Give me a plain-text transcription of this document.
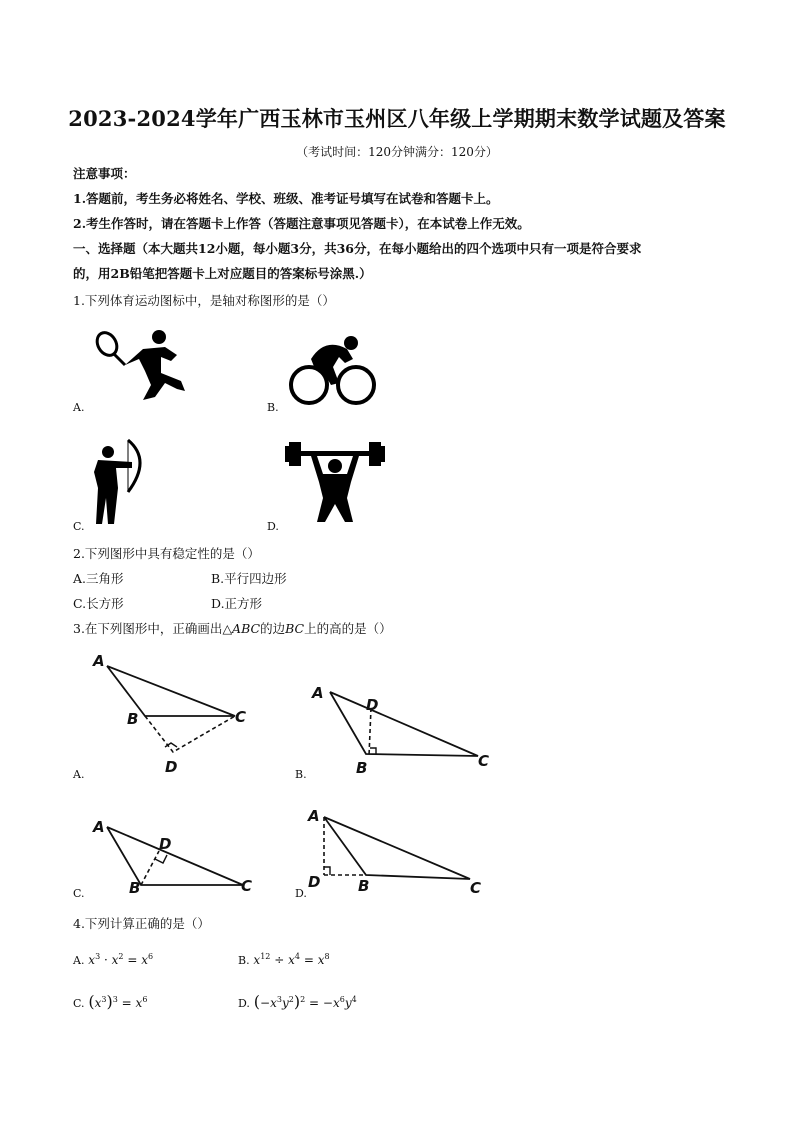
2023-2024学年广西玉林市玉州区八年级上学期期末数学试题及答案
（考试时间：120分钟满分：120分）
注意事项：
1.答题前，考生务必将姓名、学校、班级、准考证号填写在试卷和答题卡上。
2.考生作答时，请在答题卡上作答（答题注意事项见答题卡），在本试卷上作无效。
一、选择题（本大题共12小题，每小题3分，共36分，在每小题给出的四个选项中只有一项是符合要求
的，用2B铅笔把答题卡上对应题目的答案标号涂黑.）
1.下列体育运动图标中，是轴对称图形的是（）
A.	B.
C.	D.
2.下列图形中具有稳定性的是（）
A.三角形	B.平行四边形
C.长方形	D.正方形
3.在下列图形中，正确画出△ABC的边BC上的高的是（）
A
B	C
D
A
B	C
D
A.	B.
A
B	C
D
A
B	C
D
C.	D.
4.下列计算正确的是（）
A. $x^3 \cdot x^2 = x^6$	B. $x^{12} \div x^4 = x^8$
C. $(x^3)^3 = x^6$	D. $(-x^3y^2)^2 = -x^6y^4$
